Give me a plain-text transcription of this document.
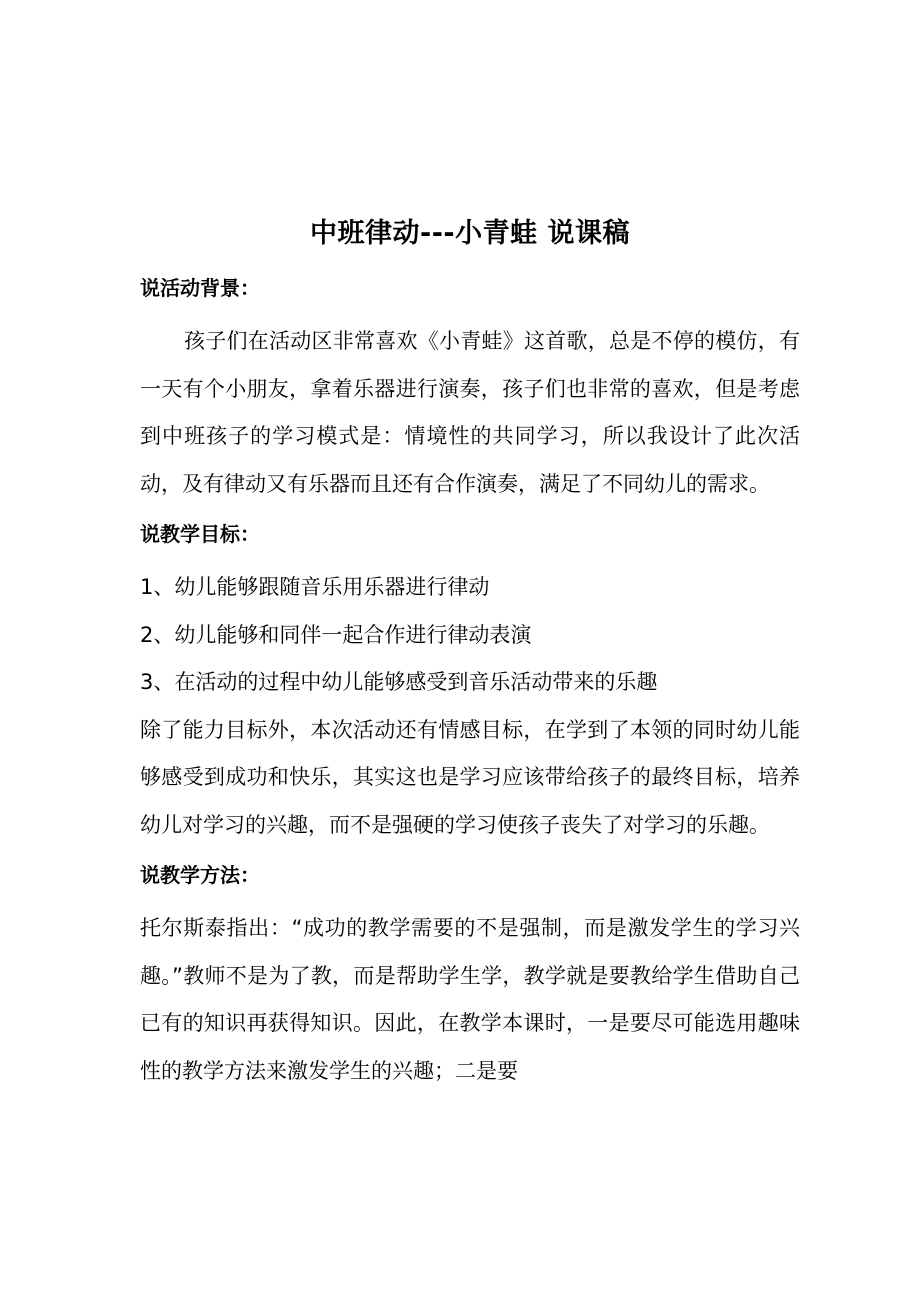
中班律动---小青蛙 说课稿
说活动背景：

孩子们在活动区非常喜欢《小青蛙》这首歌，总是不停的模仿，有一天有个小朋友，拿着乐器进行演奏，孩子们也非常的喜欢，但是考虑到中班孩子的学习模式是：情境性的共同学习，所以我设计了此次活动，及有律动又有乐器而且还有合作演奏，满足了不同幼儿的需求。

说教学目标：

1、幼儿能够跟随音乐用乐器进行律动

2、幼儿能够和同伴一起合作进行律动表演

3、在活动的过程中幼儿能够感受到音乐活动带来的乐趣

除了能力目标外，本次活动还有情感目标，在学到了本领的同时幼儿能够感受到成功和快乐，其实这也是学习应该带给孩子的最终目标，培养幼儿对学习的兴趣，而不是强硬的学习使孩子丧失了对学习的乐趣。

说教学方法：

托尔斯泰指出：“成功的教学需要的不是强制，而是激发学生的学习兴趣。”教师不是为了教，而是帮助学生学，教学就是要教给学生借助自己已有的知识再获得知识。因此，在教学本课时，一是要尽可能选用趣味性的教学方法来激发学生的兴趣；二是要
